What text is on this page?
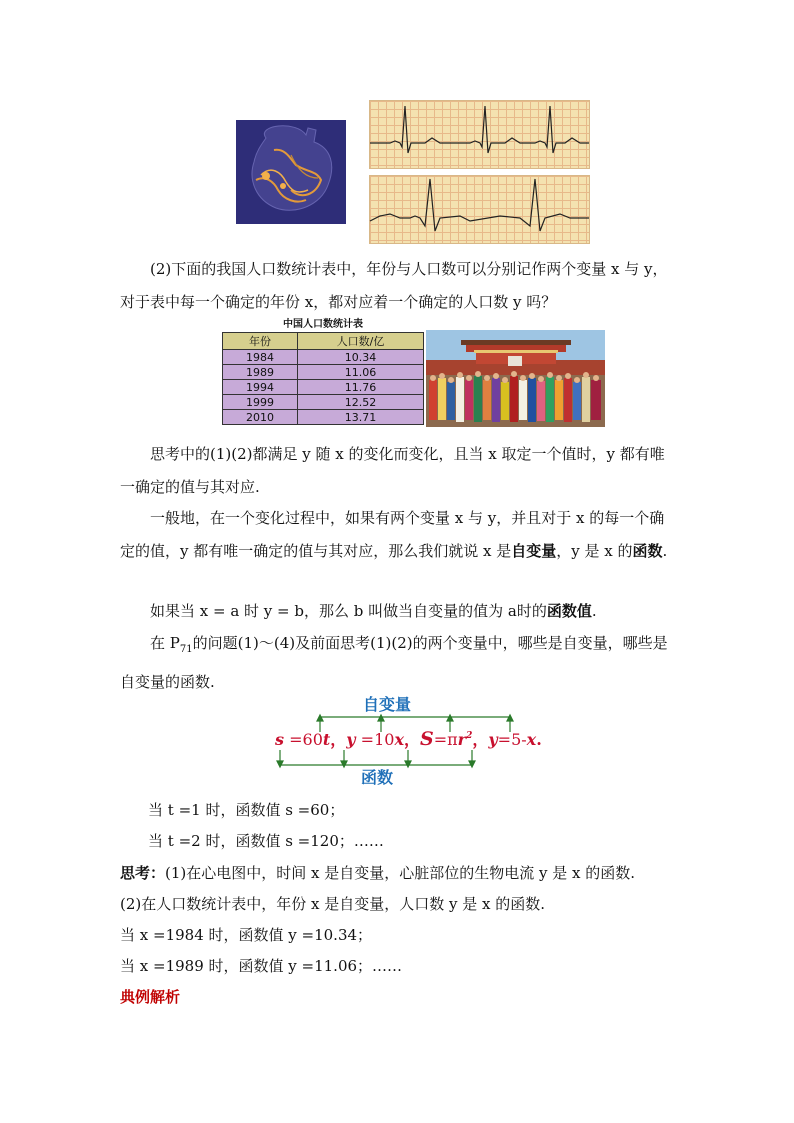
(2)下面的我国人口数统计表中，年份与人口数可以分别记作两个变量 x 与 y，对于表中每一个确定的年份 x，都对应着一个确定的人口数 y 吗？
中国人口数统计表
年份	人口数/亿
1984	10.34
1989	11.06
1994	11.76
1999	12.52
2010	13.71
思考中的(1)(2)都满足 y 随 x 的变化而变化，且当 x 取定一个值时，y 都有唯一确定的值与其对应.
一般地，在一个变化过程中，如果有两个变量 x 与 y，并且对于 x 的每一个确定的值，y 都有唯一确定的值与其对应，那么我们就说 x 是自变量，y 是 x 的函数.
如果当 x = a 时 y = b，那么 b 叫做当自变量的值为 a时的函数值.
在 $P_{71}$的问题(1)～(4)及前面思考(1)(2)的两个变量中，哪些是自变量，哪些是自变量的函数.
自变量
s =60t，y =10x，$S=\pi r^2$，y=5-x.
函数
当 t =1 时，函数值 s =60；
当 t =2 时，函数值 s =120；……
思考：(1)在心电图中，时间 x 是自变量，心脏部位的生物电流 y 是 x 的函数.
(2)在人口数统计表中，年份 x 是自变量，人口数 y 是 x 的函数.
当 x =1984 时，函数值 y =10.34；
当 x =1989 时，函数值 y =11.06；……
典例解析
